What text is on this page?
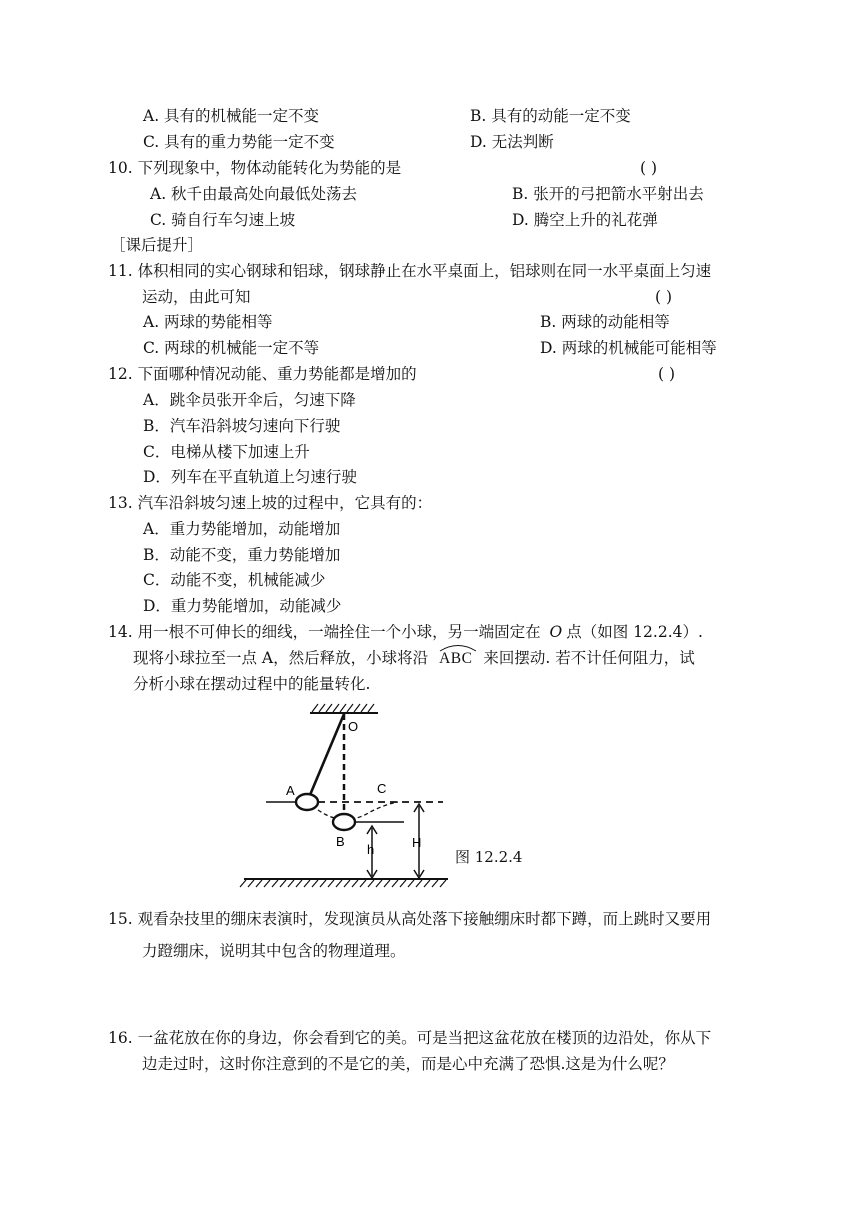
A. 具有的机械能一定不变	B. 具有的动能一定不变
C. 具有的重力势能一定不变	D. 无法判断
10. 下列现象中，物体动能转化为势能的是	( )
A. 秋千由最高处向最低处荡去	B. 张开的弓把箭水平射出去
C. 骑自行车匀速上坡	D. 腾空上升的礼花弹
［课后提升］
11. 体积相同的实心钢球和铝球，钢球静止在水平桌面上，铝球则在同一水平桌面上匀速
运动，由此可知	( )
A. 两球的势能相等	B. 两球的动能相等
C. 两球的机械能一定不等	D. 两球的机械能可能相等
12. 下面哪种情况动能、重力势能都是增加的	( )
A．跳伞员张开伞后，匀速下降
B．汽车沿斜坡匀速向下行驶
C．电梯从楼下加速上升
D．列车在平直轨道上匀速行驶
13. 汽车沿斜坡匀速上坡的过程中，它具有的：
A．重力势能增加，动能增加
B．动能不变，重力势能增加
C．动能不变，机械能减少
D．重力势能增加，动能减少
14. 用一根不可伸长的细线，一端拴住一个小球，另一端固定在 O 点（如图 12.2.4）.
现将小球拉至一点 A，然后释放，小球将沿 ABC 来回摆动. 若不计任何阻力，试
分析小球在摆动过程中的能量转化.
O
A	C
B
h	H
图 12.2.4
15. 观看杂技里的绷床表演时，发现演员从高处落下接触绷床时都下蹲，而上跳时又要用
力蹬绷床，说明其中包含的物理道理。
16. 一盆花放在你的身边，你会看到它的美。可是当把这盆花放在楼顶的边沿处，你从下
边走过时，这时你注意到的不是它的美，而是心中充满了恐惧.这是为什么呢？
